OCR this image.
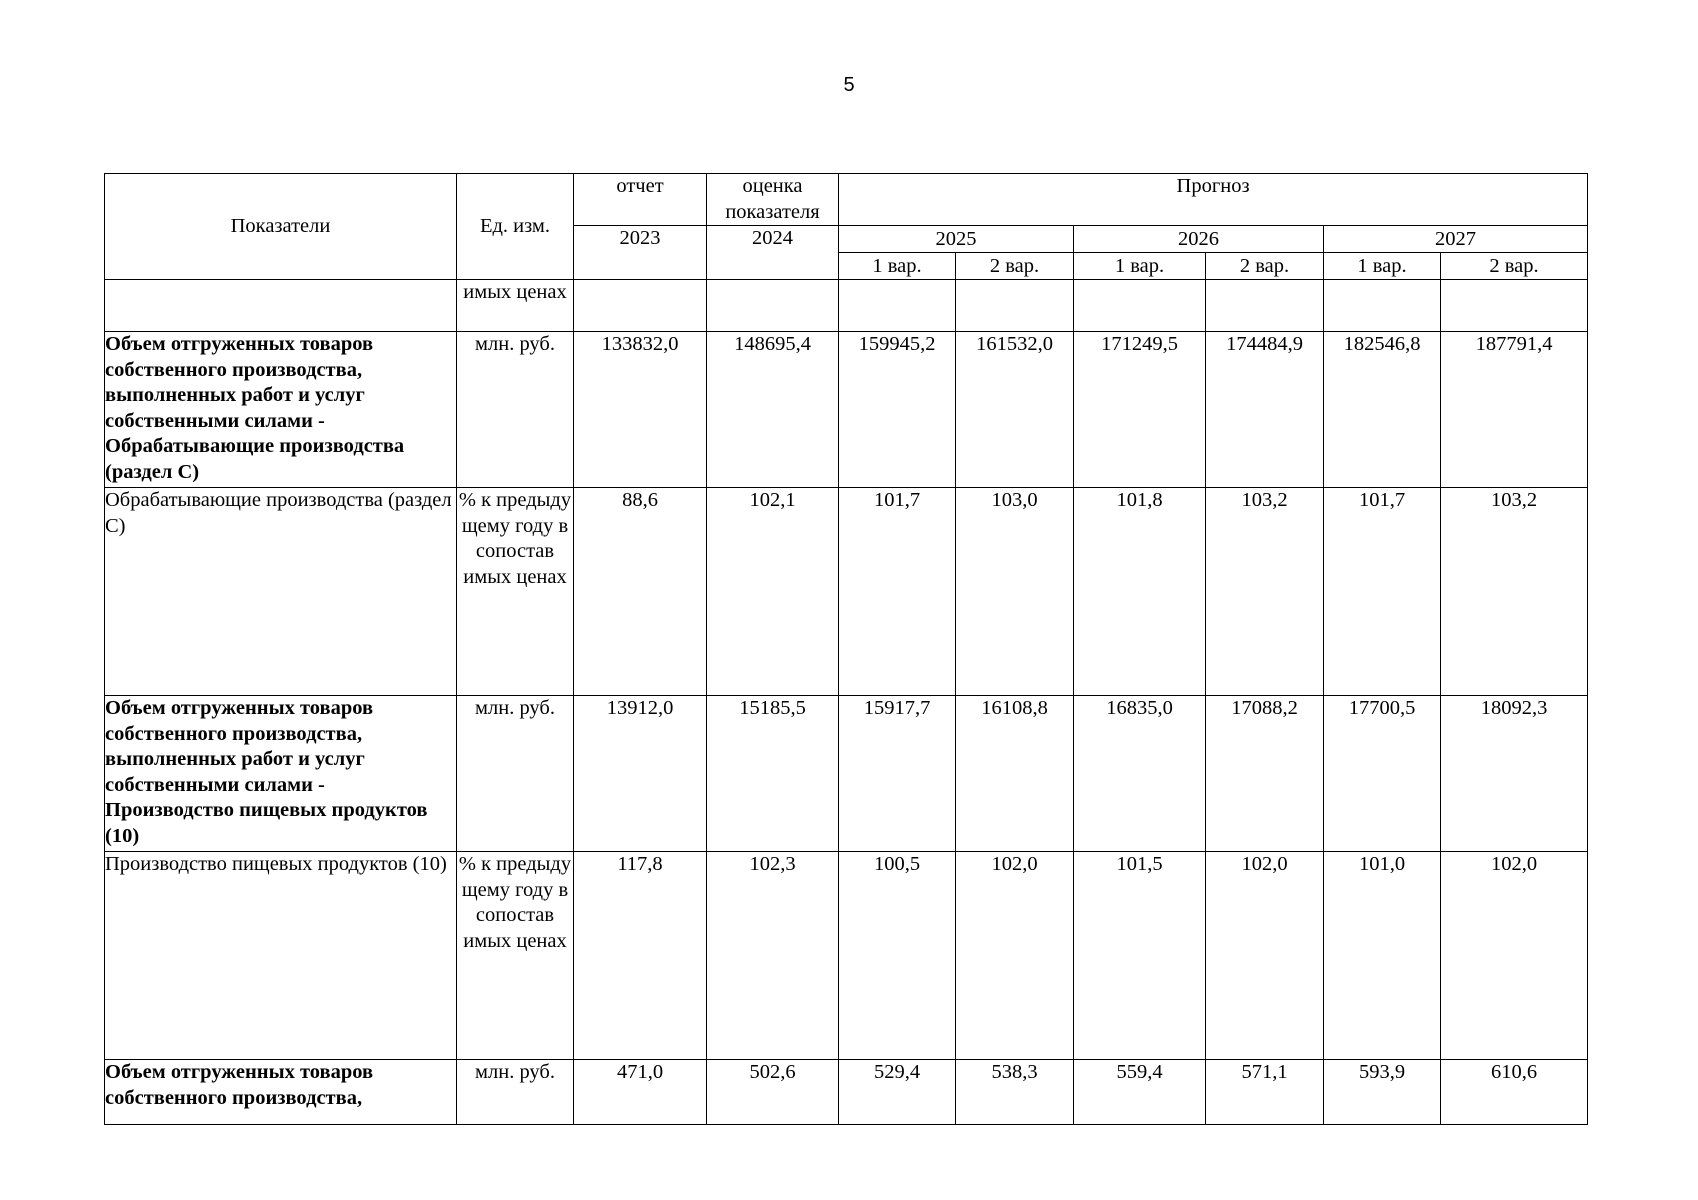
5
Показатели	Ед. изм.	отчет	оценка показателя	Прогноз					
		2023	2024	2025		2026		2027	
				1 вар.	2 вар.	1 вар.	2 вар.	1 вар.	2 вар.
	имых ценах								
Объем отгруженных товаров собственного производства, выполненных работ и услуг собственными силами - Обрабатывающие производства (раздел С)	млн. руб.	133832,0	148695,4	159945,2	161532,0	171249,5	174484,9	182546,8	187791,4
Обрабатывающие производства (раздел С)	% к предыду щему году в сопостав имых ценах	88,6	102,1	101,7	103,0	101,8	103,2	101,7	103,2
Объем отгруженных товаров собственного производства, выполненных работ и услуг собственными силами - Производство пищевых продуктов (10)	млн. руб.	13912,0	15185,5	15917,7	16108,8	16835,0	17088,2	17700,5	18092,3
Производство пищевых продуктов (10)	% к предыду щему году в сопостав имых ценах	117,8	102,3	100,5	102,0	101,5	102,0	101,0	102,0
Объем отгруженных товаров собственного производства,	млн. руб.	471,0	502,6	529,4	538,3	559,4	571,1	593,9	610,6
